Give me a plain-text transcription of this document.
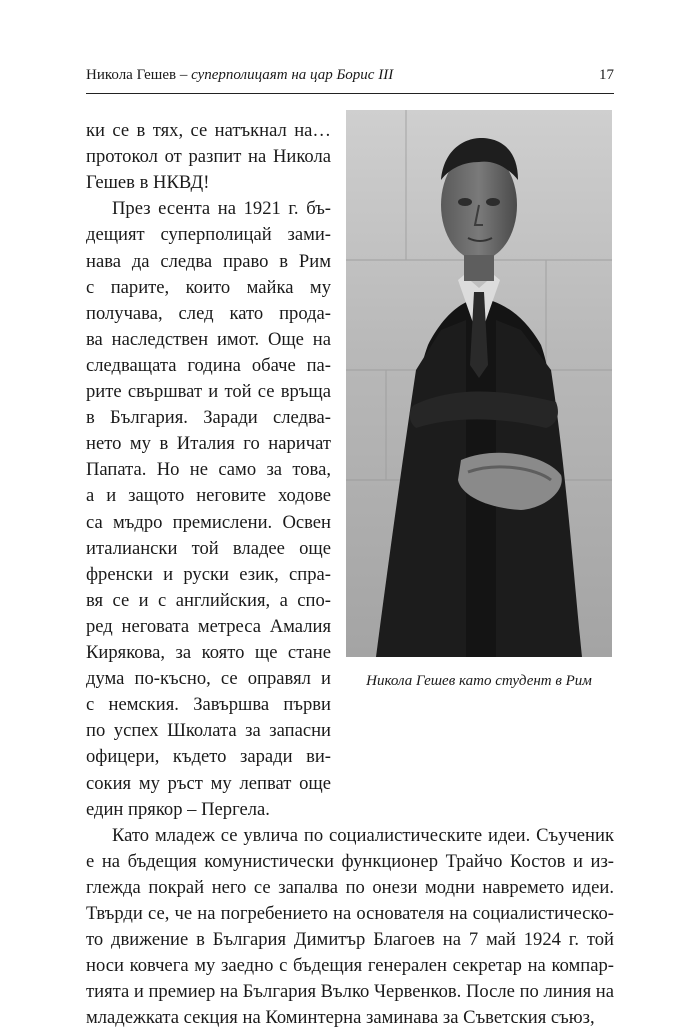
Никола Гешев – суперполицаят на цар Борис III	17
Никола Гешев като студент в Рим
ки се в тях, се натъкнал на…
протокол от разпит на Никола
Гешев в НКВД!
През есента на 1921 г. бъ-
дещият суперполицай зами-
нава да следва право в Рим
с парите, които майка му
получава, след като прода-
ва наследствен имот. Още на
следващата година обаче па-
рите свършват и той се връща
в България. Заради следва-
нето му в Италия го наричат
Папата. Но не само за това,
а и защото неговите ходове
са мъдро премислени. Освен
италиански той владее още
френски и руски език, спра-
вя се и с английския, а спо-
ред неговата метреса Амалия
Кирякова, за която ще стане
дума по-късно, се оправял и
с немския. Завършва първи
по успех Школата за запасни
офицери, където заради ви-
сокия му ръст му лепват още
един прякор – Пергела.
Като младеж се увлича по социалистическите идеи. Съученик
е на бъдещия комунистически функционер Трайчо Костов и из-
глежда покрай него се запалва по онези модни навремето идеи.
Твърди се, че на погребението на основателя на социалистическо-
то движение в България Димитър Благоев на 7 май 1924 г. той
носи ковчега му заедно с бъдещия генерален секретар на компар-
тията и премиер на България Вълко Червенков. После по линия на
младежката секция на Коминтерна заминава за Съветския съюз,
